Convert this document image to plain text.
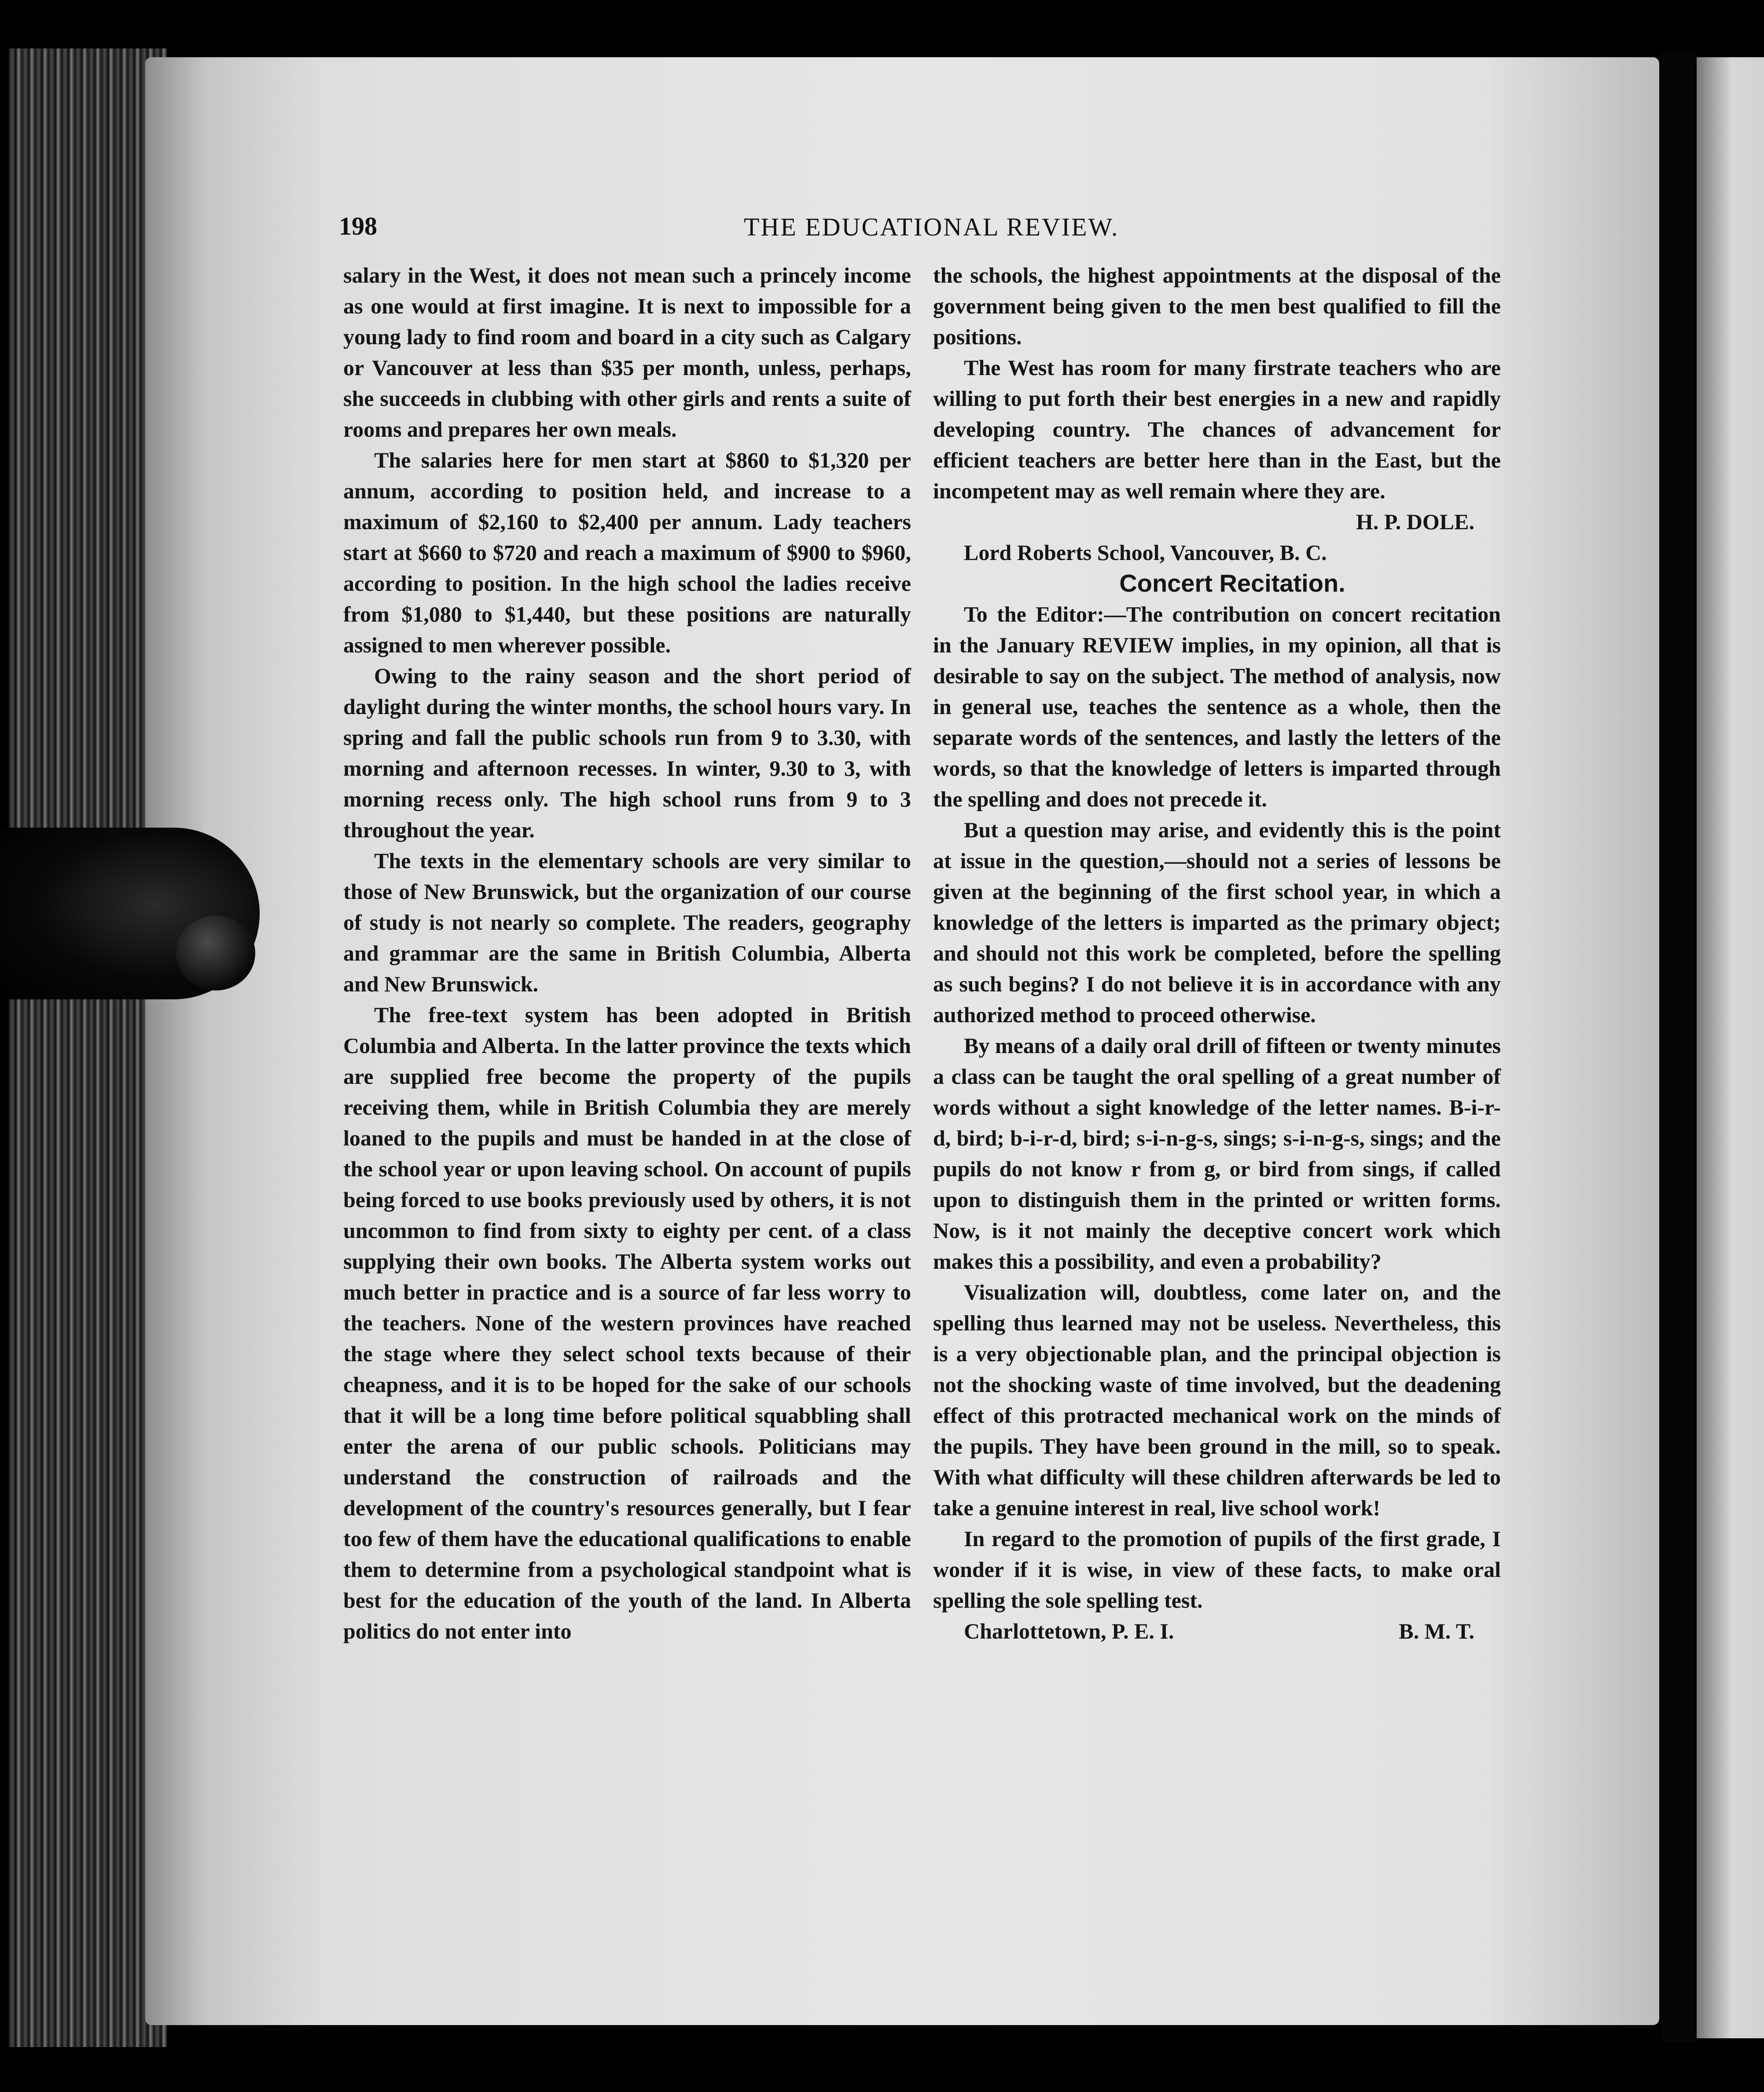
198	THE EDUCATIONAL REVIEW.

salary in the West, it does not mean such a princely income as one would at first imagine. It is next to impossible for a young lady to find room and board in a city such as Calgary or Vancouver at less than $35 per month, unless, perhaps, she succeeds in clubbing with other girls and rents a suite of rooms and prepares her own meals.

The salaries here for men start at $860 to $1,320 per annum, according to position held, and increase to a maximum of $2,160 to $2,400 per annum. Lady teachers start at $660 to $720 and reach a maximum of $900 to $960, according to position. In the high school the ladies receive from $1,080 to $1,440, but these positions are naturally assigned to men wherever possible.

Owing to the rainy season and the short period of daylight during the winter months, the school hours vary. In spring and fall the public schools run from 9 to 3.30, with morning and afternoon recesses. In winter, 9.30 to 3, with morning recess only. The high school runs from 9 to 3 throughout the year.

The texts in the elementary schools are very similar to those of New Brunswick, but the organization of our course of study is not nearly so complete. The readers, geography and grammar are the same in British Columbia, Alberta and New Brunswick.

The free-text system has been adopted in British Columbia and Alberta. In the latter province the texts which are supplied free become the property of the pupils receiving them, while in British Columbia they are merely loaned to the pupils and must be handed in at the close of the school year or upon leaving school. On account of pupils being forced to use books previously used by others, it is not uncommon to find from sixty to eighty per cent. of a class supplying their own books. The Alberta system works out much better in practice and is a source of far less worry to the teachers. None of the western provinces have reached the stage where they select school texts because of their cheapness, and it is to be hoped for the sake of our schools that it will be a long time before political squabbling shall enter the arena of our public schools. Politicians may understand the construction of railroads and the development of the country's resources generally, but I fear too few of them have the educational qualifications to enable them to determine from a psychological standpoint what is best for the education of the youth of the land. In Alberta politics do not enter into

the schools, the highest appointments at the disposal of the government being given to the men best qualified to fill the positions.

The West has room for many firstrate teachers who are willing to put forth their best energies in a new and rapidly developing country. The chances of advancement for efficient teachers are better here than in the East, but the incompetent may as well remain where they are.

H. P. DOLE.

Lord Roberts School, Vancouver, B. C.

Concert Recitation.

To the Editor:—The contribution on concert recitation in the January REVIEW implies, in my opinion, all that is desirable to say on the subject. The method of analysis, now in general use, teaches the sentence as a whole, then the separate words of the sentences, and lastly the letters of the words, so that the knowledge of letters is imparted through the spelling and does not precede it.

But a question may arise, and evidently this is the point at issue in the question,—should not a series of lessons be given at the beginning of the first school year, in which a knowledge of the letters is imparted as the primary object; and should not this work be completed, before the spelling as such begins? I do not believe it is in accordance with any authorized method to proceed otherwise.

By means of a daily oral drill of fifteen or twenty minutes a class can be taught the oral spelling of a great number of words without a sight knowledge of the letter names. B-i-r-d, bird; b-i-r-d, bird; s-i-n-g-s, sings; s-i-n-g-s, sings; and the pupils do not know r from g, or bird from sings, if called upon to distinguish them in the printed or written forms. Now, is it not mainly the deceptive concert work which makes this a possibility, and even a probability?

Visualization will, doubtless, come later on, and the spelling thus learned may not be useless. Nevertheless, this is a very objectionable plan, and the principal objection is not the shocking waste of time involved, but the deadening effect of this protracted mechanical work on the minds of the pupils. They have been ground in the mill, so to speak. With what difficulty will these children afterwards be led to take a genuine interest in real, live school work!

In regard to the promotion of pupils of the first grade, I wonder if it is wise, in view of these facts, to make oral spelling the sole spelling test.

Charlottetown, P. E. I.	B. M. T.
